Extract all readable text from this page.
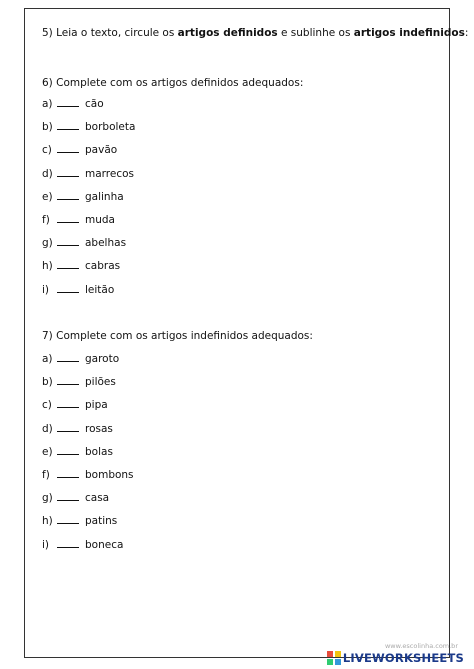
5) Leia o texto, circule os artigos definidos e sublinhe os artigos indefinidos:
6) Complete com os artigos definidos adequados:
a)	cão
b)	borboleta
c)	pavão
d)	marrecos
e)	galinha
f)	muda
g)	abelhas
h)	cabras
i)	leitão
7) Complete com os artigos indefinidos adequados:
a)	garoto
b)	pilões
c)	pipa
d)	rosas
e)	bolas
f)	bombons
g)	casa
h)	patins
i)	boneca
www.escolinha.com.br
LIVEWORKSHEETS
